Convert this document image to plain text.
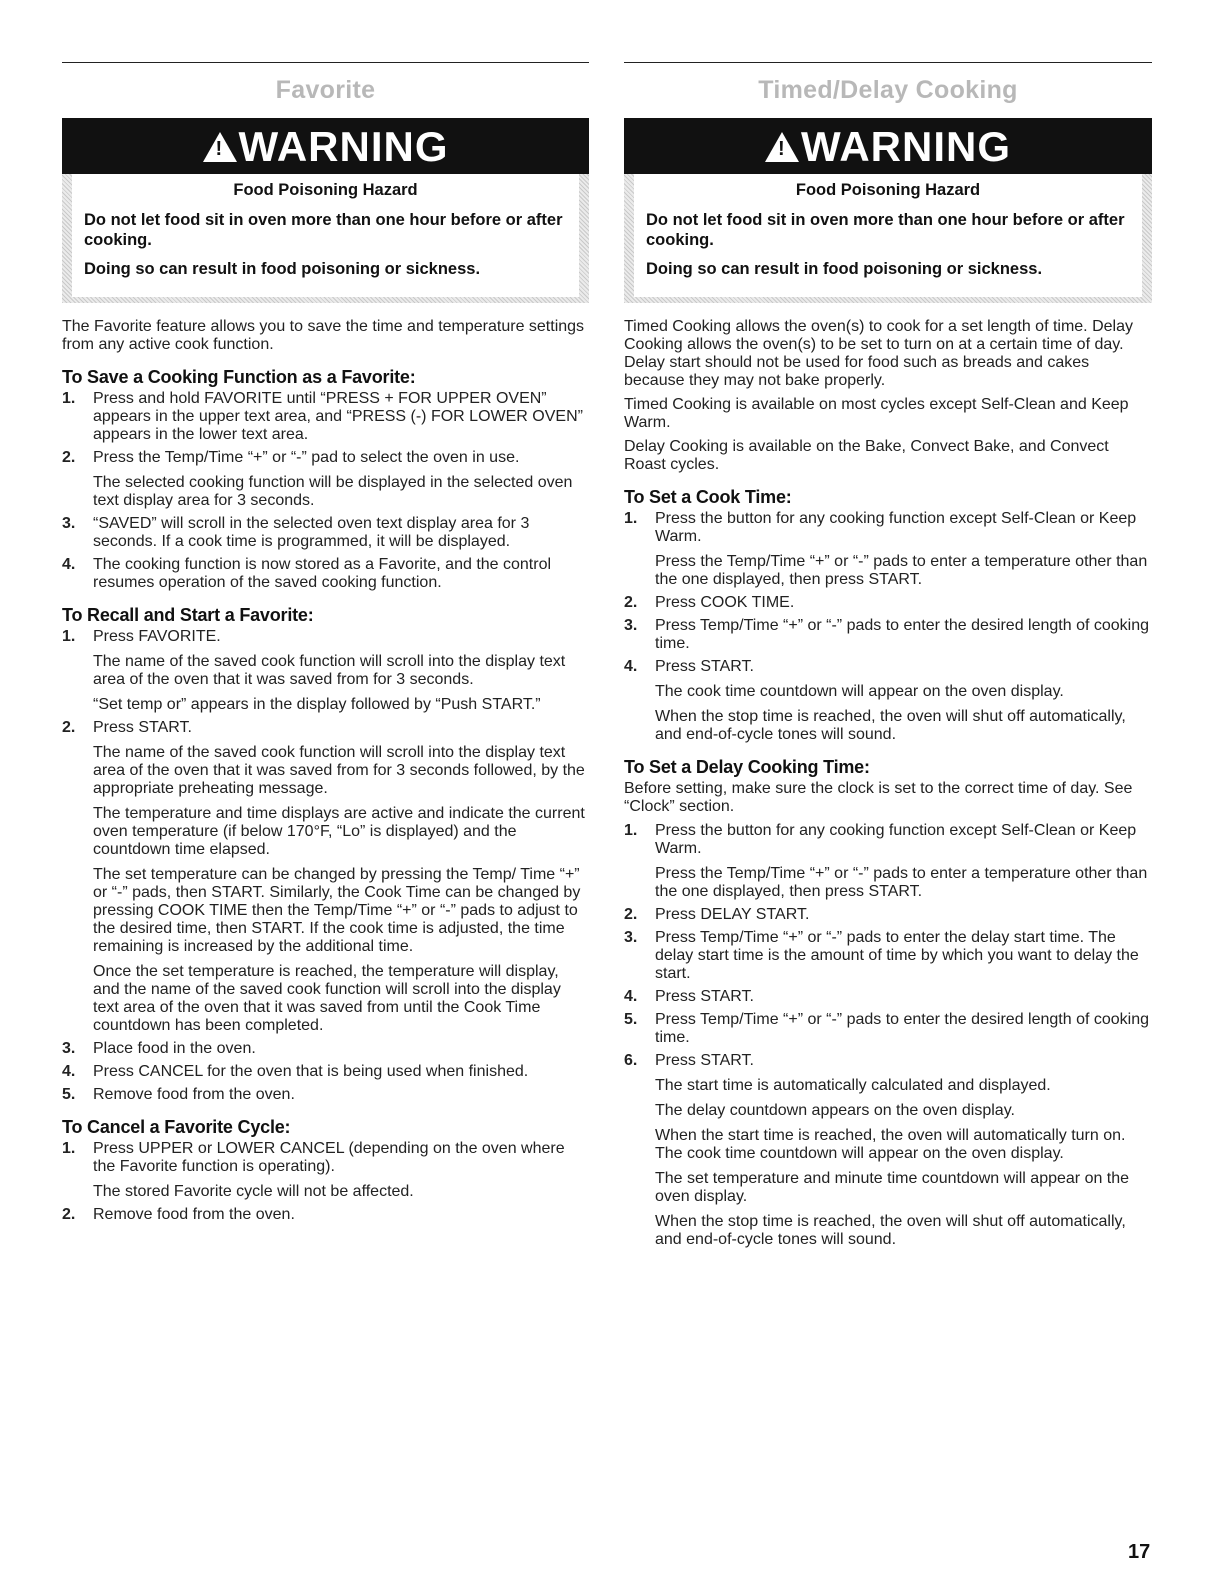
Favorite
!WARNING

Food Poisoning Hazard

Do not let food sit in oven more than one hour before or after cooking.

Doing so can result in food poisoning or sickness.

The Favorite feature allows you to save the time and temperature settings from any active cook function.

To Save a Cooking Function as a Favorite:
1. Press and hold FAVORITE until “PRESS + FOR UPPER OVEN” appears in the upper text area, and “PRESS (-) FOR LOWER OVEN” appears in the lower text area.
2. Press the Temp/Time “+” or “-” pad to select the oven in use.

The selected cooking function will be displayed in the selected oven text display area for 3 seconds.

3. “SAVED” will scroll in the selected oven text display area for 3 seconds. If a cook time is programmed, it will be displayed.
4. The cooking function is now stored as a Favorite, and the control resumes operation of the saved cooking function.
To Recall and Start a Favorite:
1. Press FAVORITE.

The name of the saved cook function will scroll into the display text area of the oven that it was saved from for 3 seconds.

“Set temp or” appears in the display followed by “Push START.”

2. Press START.

The name of the saved cook function will scroll into the display text area of the oven that it was saved from for 3 seconds followed, by the appropriate preheating message.

The temperature and time displays are active and indicate the current oven temperature (if below 170°F, “Lo” is displayed) and the countdown time elapsed.

The set temperature can be changed by pressing the Temp/ Time “+” or “-” pads, then START. Similarly, the Cook Time can be changed by pressing COOK TIME then the Temp/Time “+” or “-” pads to adjust to the desired time, then START. If the cook time is adjusted, the time remaining is increased by the additional time.

Once the set temperature is reached, the temperature will display, and the name of the saved cook function will scroll into the display text area of the oven that it was saved from until the Cook Time countdown has been completed.

3. Place food in the oven.
4. Press CANCEL for the oven that is being used when finished.
5. Remove food from the oven.
To Cancel a Favorite Cycle:
1. Press UPPER or LOWER CANCEL (depending on the oven where the Favorite function is operating).

The stored Favorite cycle will not be affected.

2. Remove food from the oven.
Timed/Delay Cooking
!WARNING

Food Poisoning Hazard

Do not let food sit in oven more than one hour before or after cooking.

Doing so can result in food poisoning or sickness.

Timed Cooking allows the oven(s) to cook for a set length of time. Delay Cooking allows the oven(s) to be set to turn on at a certain time of day. Delay start should not be used for food such as breads and cakes because they may not bake properly.

Timed Cooking is available on most cycles except Self-Clean and Keep Warm.

Delay Cooking is available on the Bake, Convect Bake, and Convect Roast cycles.

To Set a Cook Time:
1. Press the button for any cooking function except Self-Clean or Keep Warm.

Press the Temp/Time “+” or “-” pads to enter a temperature other than the one displayed, then press START.

2. Press COOK TIME.
3. Press Temp/Time “+” or “-” pads to enter the desired length of cooking time.
4. Press START.

The cook time countdown will appear on the oven display.

When the stop time is reached, the oven will shut off automatically, and end-of-cycle tones will sound.

To Set a Delay Cooking Time:

Before setting, make sure the clock is set to the correct time of day. See “Clock” section.

1. Press the button for any cooking function except Self-Clean or Keep Warm.

Press the Temp/Time “+” or “-” pads to enter a temperature other than the one displayed, then press START.

2. Press DELAY START.
3. Press Temp/Time “+” or “-” pads to enter the delay start time. The delay start time is the amount of time by which you want to delay the start.
4. Press START.
5. Press Temp/Time “+” or “-” pads to enter the desired length of cooking time.
6. Press START.

The start time is automatically calculated and displayed.

The delay countdown appears on the oven display.

When the start time is reached, the oven will automatically turn on. The cook time countdown will appear on the oven display.

The set temperature and minute time countdown will appear on the oven display.

When the stop time is reached, the oven will shut off automatically, and end-of-cycle tones will sound.

17
